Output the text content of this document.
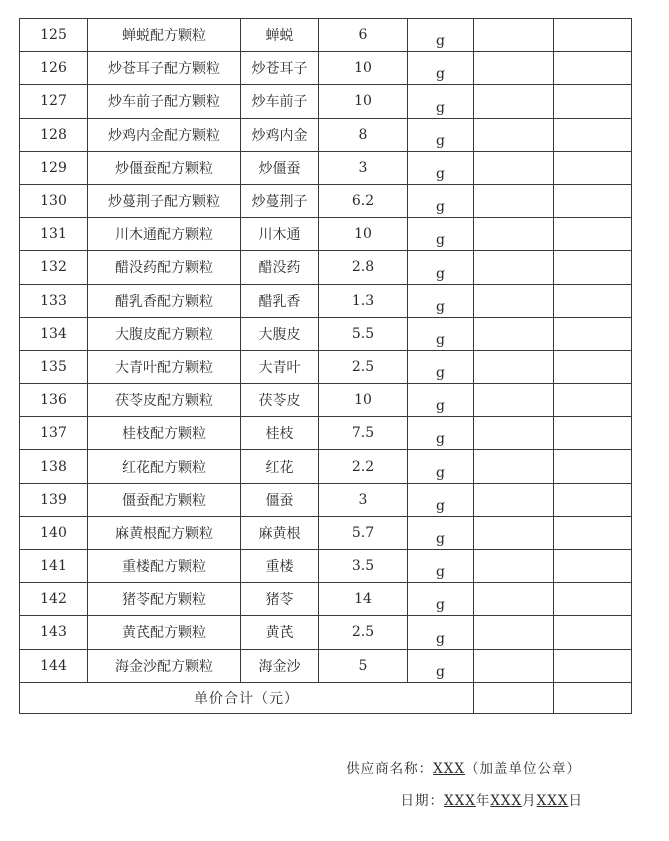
125	蝉蜕配方颗粒	蝉蜕	6	g		
126	炒苍耳子配方颗粒	炒苍耳子	10	g		
127	炒车前子配方颗粒	炒车前子	10	g		
128	炒鸡内金配方颗粒	炒鸡内金	8	g		
129	炒僵蚕配方颗粒	炒僵蚕	3	g		
130	炒蔓荆子配方颗粒	炒蔓荆子	6.2	g		
131	川木通配方颗粒	川木通	10	g		
132	醋没药配方颗粒	醋没药	2.8	g		
133	醋乳香配方颗粒	醋乳香	1.3	g		
134	大腹皮配方颗粒	大腹皮	5.5	g		
135	大青叶配方颗粒	大青叶	2.5	g		
136	茯苓皮配方颗粒	茯苓皮	10	g		
137	桂枝配方颗粒	桂枝	7.5	g		
138	红花配方颗粒	红花	2.2	g		
139	僵蚕配方颗粒	僵蚕	3	g		
140	麻黄根配方颗粒	麻黄根	5.7	g		
141	重楼配方颗粒	重楼	3.5	g		
142	猪苓配方颗粒	猪苓	14	g		
143	黄芪配方颗粒	黄芪	2.5	g		
144	海金沙配方颗粒	海金沙	5	g		
单价合计（元）						
供应商名称：XXX（加盖单位公章）
日期：XXX年XXX月XXX日
